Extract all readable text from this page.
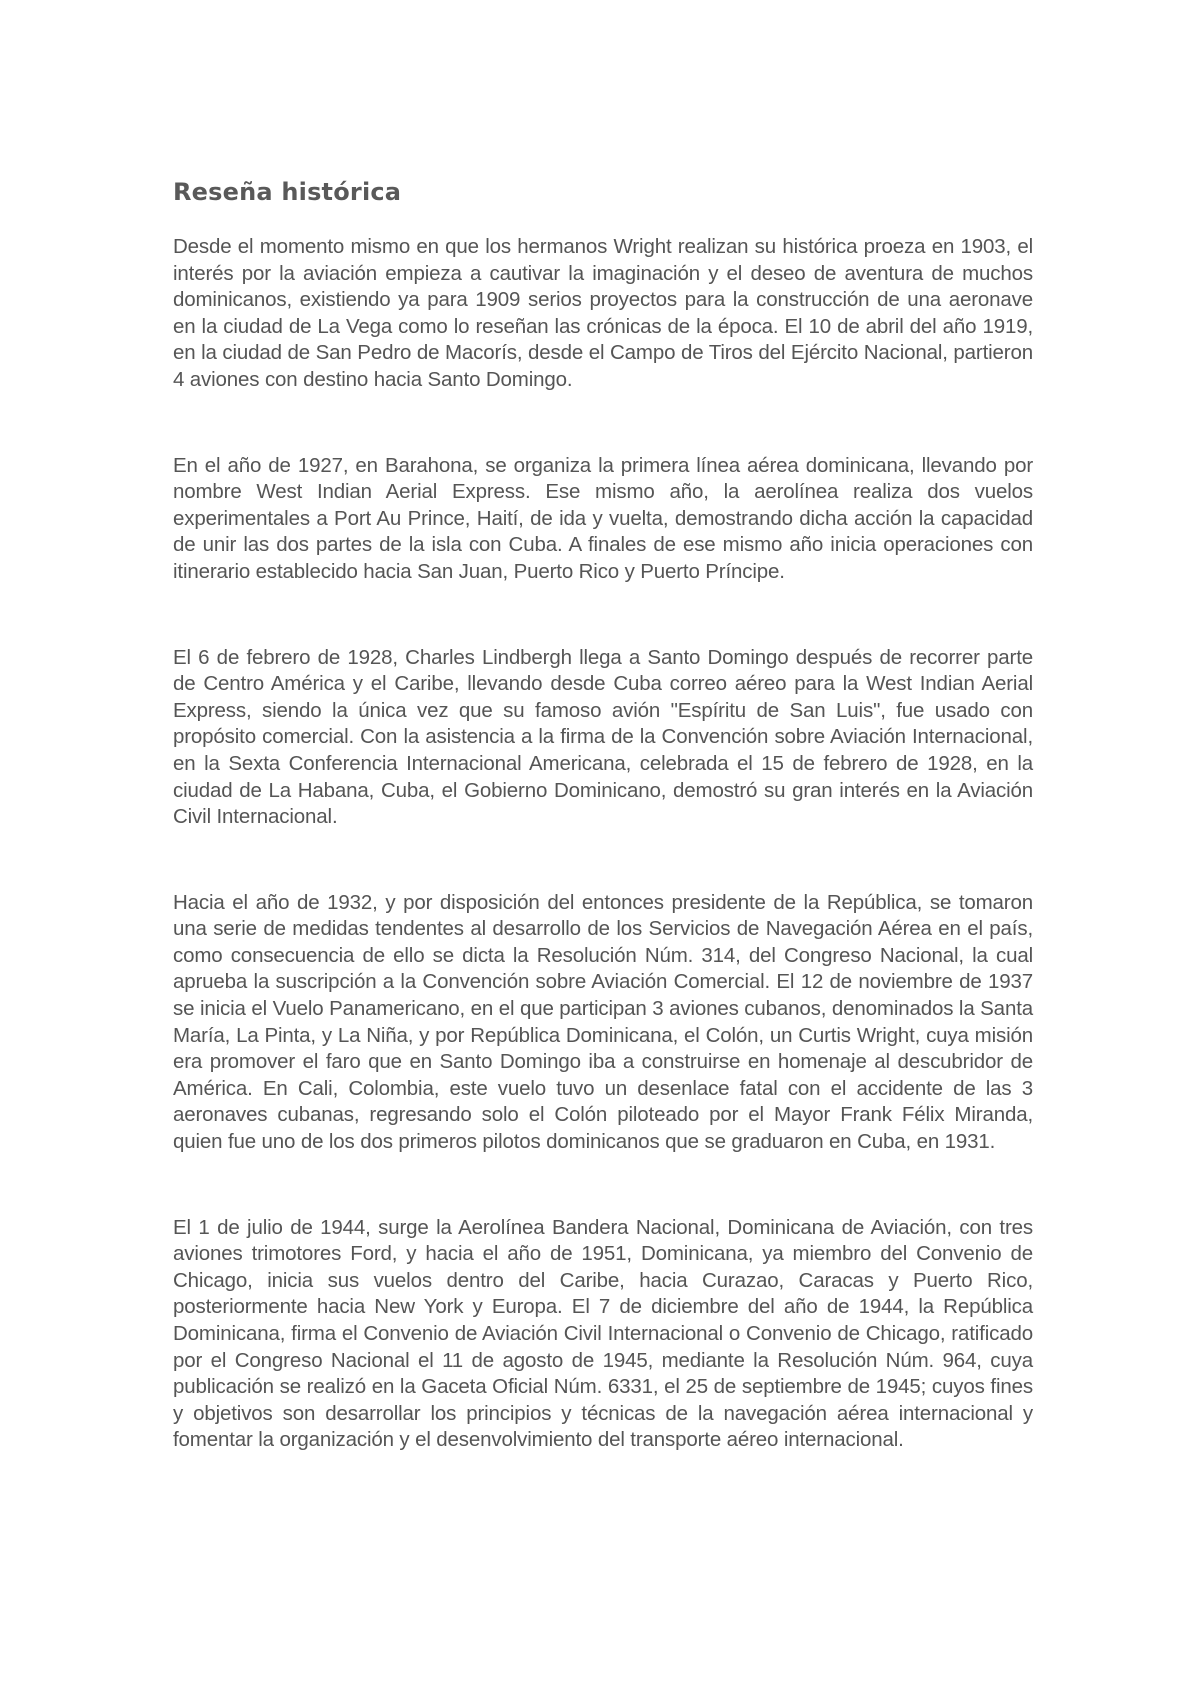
Reseña histórica

Desde el momento mismo en que los hermanos Wright realizan su histórica proeza en 1903, el interés por la aviación empieza a cautivar la imaginación y el deseo de aventura de muchos dominicanos, existiendo ya para 1909 serios proyectos para la construcción de una aeronave en la ciudad de La Vega como lo reseñan las crónicas de la época. El 10 de abril del año 1919, en la ciudad de San Pedro de Macorís, desde el Campo de Tiros del Ejército Nacional, partieron 4 aviones con destino hacia Santo Domingo.

En el año de 1927, en Barahona, se organiza la primera línea aérea dominicana, llevando por nombre West Indian Aerial Express. Ese mismo año, la aerolínea realiza dos vuelos experimentales a Port Au Prince, Haití, de ida y vuelta, demostrando dicha acción la capacidad de unir las dos partes de la isla con Cuba. A finales de ese mismo año inicia operaciones con itinerario establecido hacia San Juan, Puerto Rico y Puerto Príncipe.

El 6 de febrero de 1928, Charles Lindbergh llega a Santo Domingo después de recorrer parte de Centro América y el Caribe, llevando desde Cuba correo aéreo para la West Indian Aerial Express, siendo la única vez que su famoso avión "Espíritu de San Luis", fue usado con propósito comercial. Con la asistencia a la firma de la Convención sobre Aviación Internacional, en la Sexta Conferencia Internacional Americana, celebrada el 15 de febrero de 1928, en la ciudad de La Habana, Cuba, el Gobierno Dominicano, demostró su gran interés en la Aviación Civil Internacional.

Hacia el año de 1932, y por disposición del entonces presidente de la República, se tomaron una serie de medidas tendentes al desarrollo de los Servicios de Navegación Aérea en el país, como consecuencia de ello se dicta la Resolución Núm. 314, del Congreso Nacional, la cual aprueba la suscripción a la Convención sobre Aviación Comercial. El 12 de noviembre de 1937 se inicia el Vuelo Panamericano, en el que participan 3 aviones cubanos, denominados la Santa María, La Pinta, y La Niña, y por República Dominicana, el Colón, un Curtis Wright, cuya misión era promover el faro que en Santo Domingo iba a construirse en homenaje al descubridor de América. En Cali, Colombia, este vuelo tuvo un desenlace fatal con el accidente de las 3 aeronaves cubanas, regresando solo el Colón piloteado por el Mayor Frank Félix Miranda, quien fue uno de los dos primeros pilotos dominicanos que se graduaron en Cuba, en 1931.

El 1 de julio de 1944, surge la Aerolínea Bandera Nacional, Dominicana de Aviación, con tres aviones trimotores Ford, y hacia el año de 1951, Dominicana, ya miembro del Convenio de Chicago, inicia sus vuelos dentro del Caribe, hacia Curazao, Caracas y Puerto Rico, posteriormente hacia New York y Europa. El 7 de diciembre del año de 1944, la República Dominicana, firma el Convenio de Aviación Civil Internacional o Convenio de Chicago, ratificado por el Congreso Nacional el 11 de agosto de 1945, mediante la Resolución Núm. 964, cuya publicación se realizó en la Gaceta Oficial Núm. 6331, el 25 de septiembre de 1945; cuyos fines y objetivos son desarrollar los principios y técnicas de la navegación aérea internacional y fomentar la organización y el desenvolvimiento del transporte aéreo internacional.
